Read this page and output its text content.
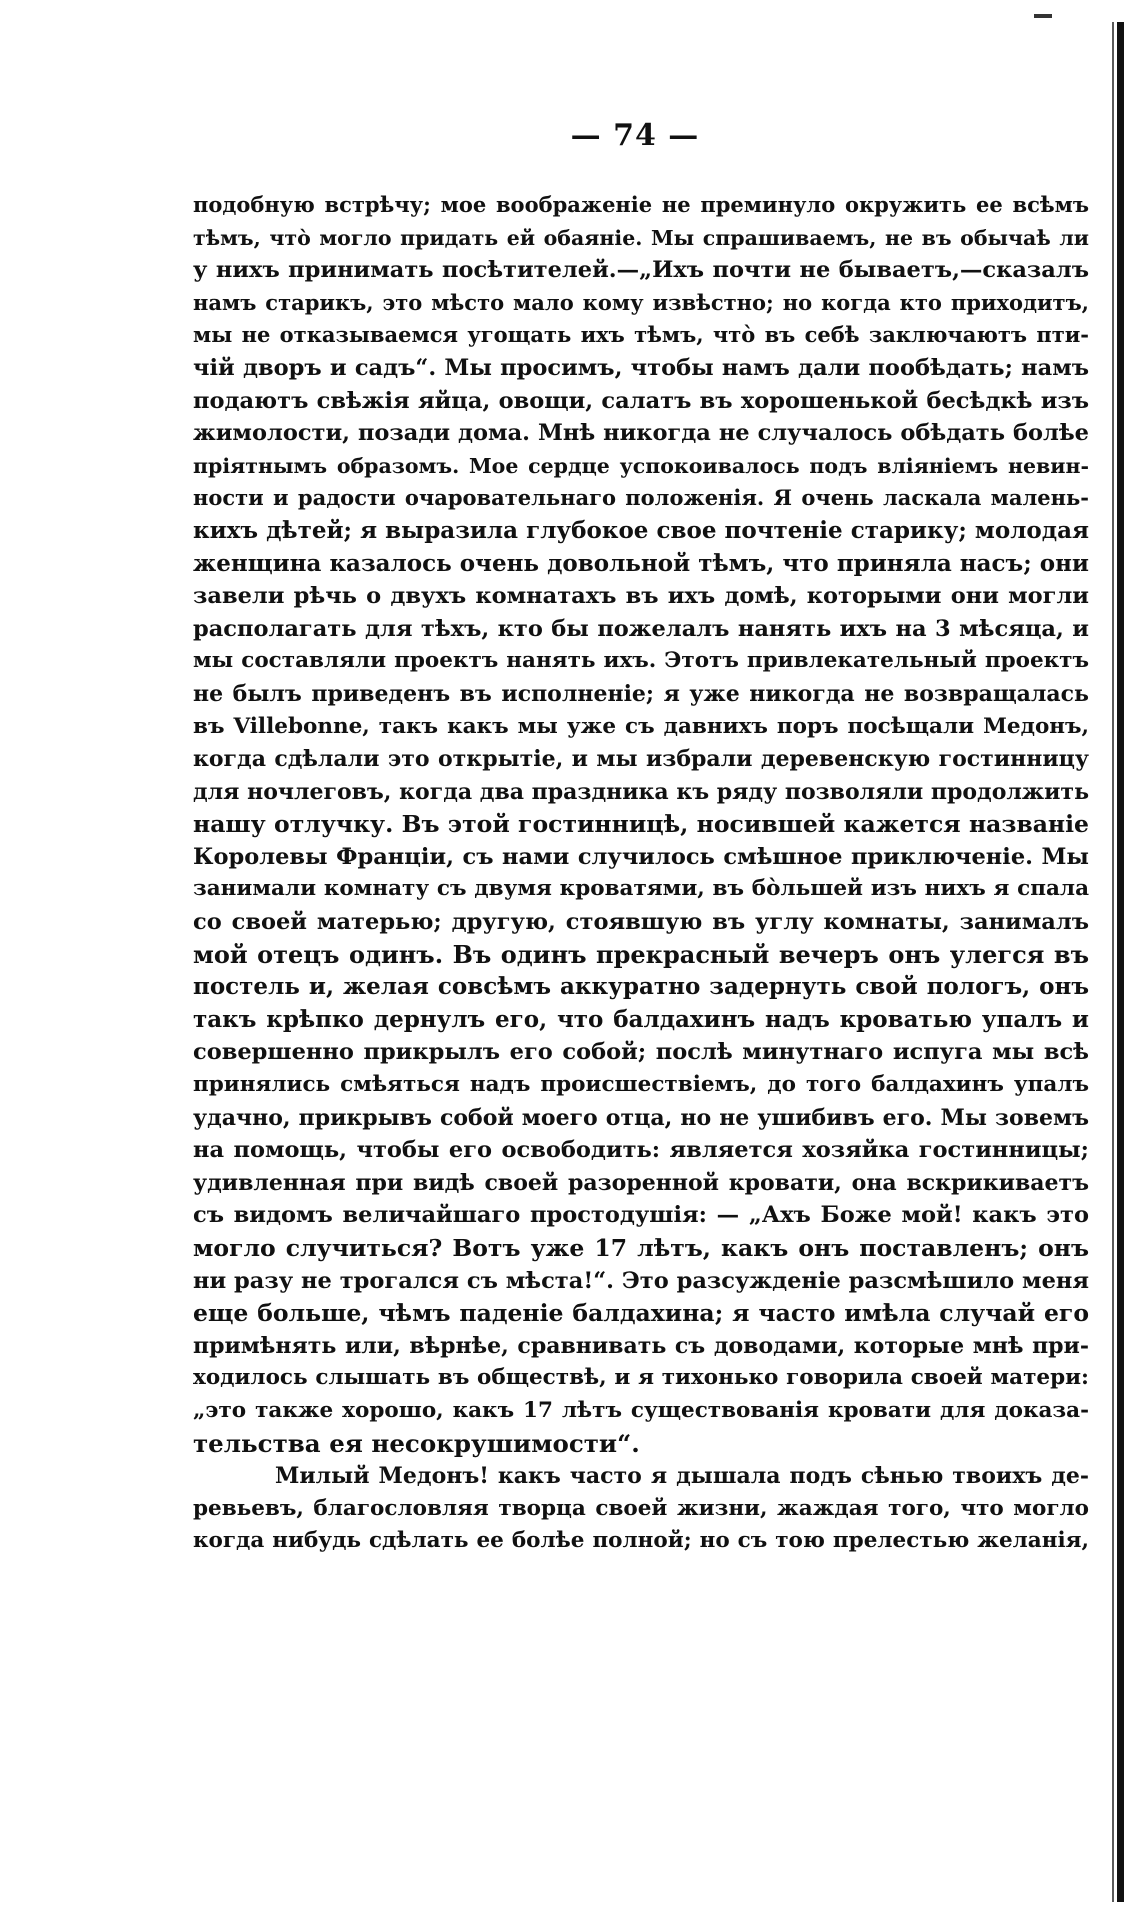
— 74 —
подобную встрѣчу; мое воображеніе не преминуло окружить ее всѣмъ
тѣмъ, что̀ могло придать ей обаяніе. Мы спрашиваемъ, не въ обычаѣ ли
у нихъ принимать посѣтителей.—„Ихъ почти не бываетъ,—сказалъ
намъ старикъ, это мѣсто мало кому извѣстно; но когда кто приходитъ,
мы не отказываемся угощать ихъ тѣмъ, что̀ въ себѣ заключаютъ пти-
чій дворъ и садъ“. Мы просимъ, чтобы намъ дали пообѣдать; намъ
подаютъ свѣжія яйца, овощи, салатъ въ хорошенькой бесѣдкѣ изъ
жимолости, позади дома. Мнѣ никогда не случалось обѣдать болѣе
пріятнымъ образомъ. Мое сердце успокоивалось подъ вліяніемъ невин-
ности и радости очаровательнаго положенія. Я очень ласкала малень-
кихъ дѣтей; я выразила глубокое свое почтеніе старику; молодая
женщина казалось очень довольной тѣмъ, что приняла насъ; они
завели рѣчь о двухъ комнатахъ въ ихъ домѣ, которыми они могли
располагать для тѣхъ, кто бы пожелалъ нанять ихъ на 3 мѣсяца, и
мы составляли проектъ нанять ихъ. Этотъ привлекательный проектъ
не былъ приведенъ въ исполненіе; я уже никогда не возвращалась
въ Villebonne, такъ какъ мы уже съ давнихъ поръ посѣщали Медонъ,
когда сдѣлали это открытіе, и мы избрали деревенскую гостинницу
для ночлеговъ, когда два праздника къ ряду позволяли продолжить
нашу отлучку. Въ этой гостинницѣ, носившей кажется названіе
Королевы Франціи, съ нами случилось смѣшное приключеніе. Мы
занимали комнату съ двумя кроватями, въ бо̀льшей изъ нихъ я спала
со своей матерью; другую, стоявшую въ углу комнаты, занималъ
мой отецъ одинъ. Въ одинъ прекрасный вечеръ онъ улегся въ
постель и, желая совсѣмъ аккуратно задернуть свой пологъ, онъ
такъ крѣпко дернулъ его, что балдахинъ надъ кроватью упалъ и
совершенно прикрылъ его собой; послѣ минутнаго испуга мы всѣ
принялись смѣяться надъ происшествіемъ, до того балдахинъ упалъ
удачно, прикрывъ собой моего отца, но не ушибивъ его. Мы зовемъ
на помощь, чтобы его освободить: является хозяйка гостинницы;
удивленная при видѣ своей разоренной кровати, она вскрикиваетъ
съ видомъ величайшаго простодушія: — „Ахъ Боже мой! какъ это
могло случиться? Вотъ уже 17 лѣтъ, какъ онъ поставленъ; онъ
ни разу не трогался съ мѣста!“. Это разсужденіе разсмѣшило меня
еще больше, чѣмъ паденіе балдахина; я часто имѣла случай его
примѣнять или, вѣрнѣе, сравнивать съ доводами, которые мнѣ при-
ходилось слышать въ обществѣ, и я тихонько говорила своей матери:
„это также хорошо, какъ 17 лѣтъ существованія кровати для доказа-
тельства ея несокрушимости“.
Милый Медонъ! какъ часто я дышала подъ сѣнью твоихъ де-
ревьевъ, благословляя творца своей жизни, жаждая того, что могло
когда нибудь сдѣлать ее болѣе полной; но съ тою прелестью желанія,
